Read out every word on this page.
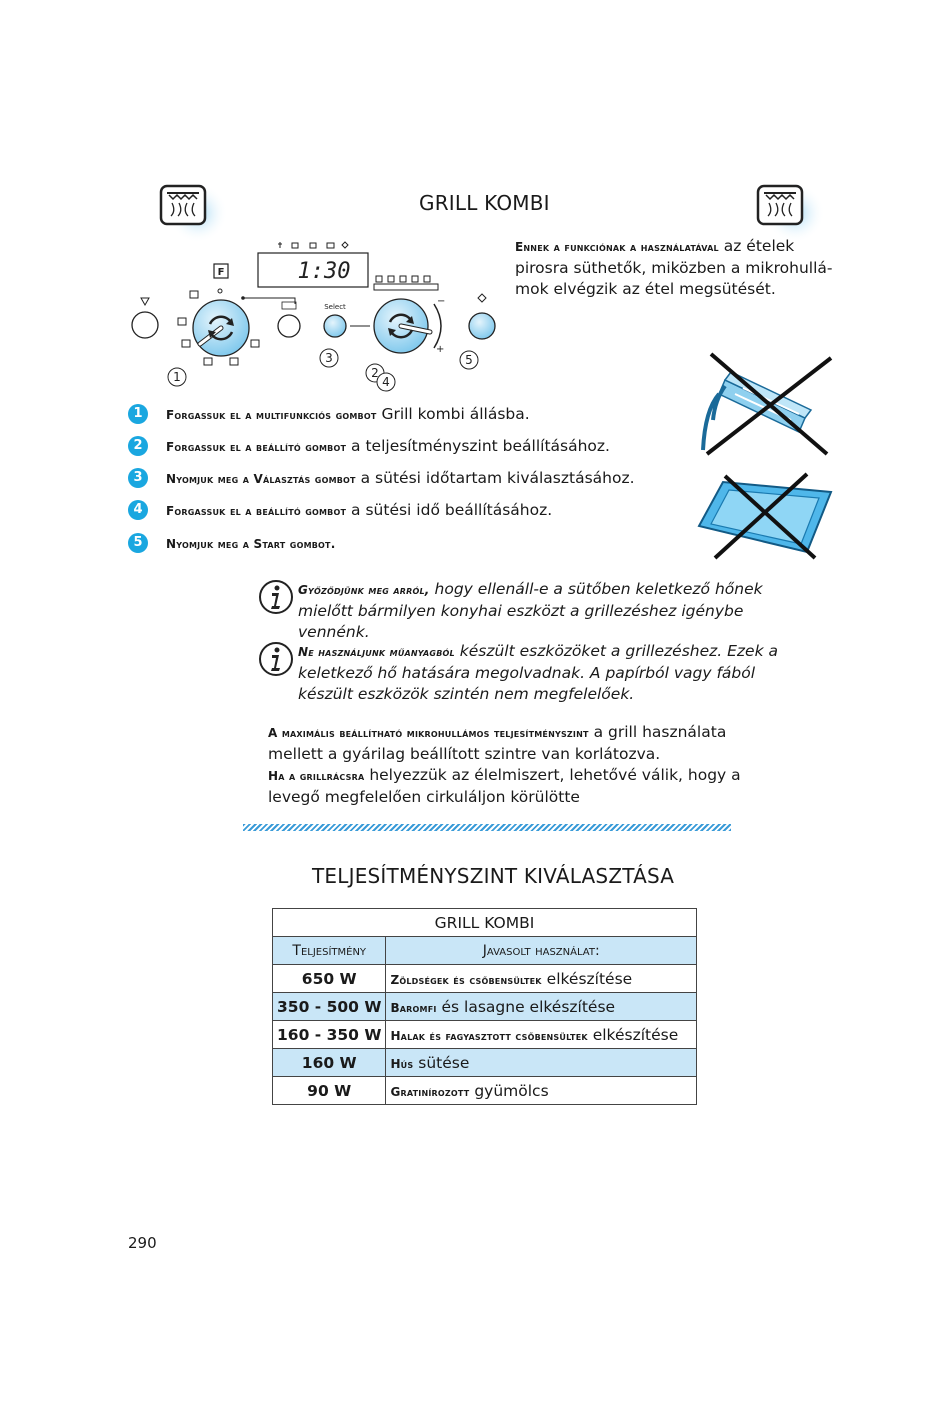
GRILL KOMBI
1:30
F
Select	−
+
1
3
2
4
5
Ennek a funkciónak a használatával az ételek pirosra süthetők, miközben a mikrohullá-mok elvégzik az étel megsütését.
1	Forgassuk el a multifunkciós gombot Grill kombi állásba.
2	Forgassuk el a beállító gombot a teljesítményszint beállításához.
3	Nyomjuk meg a Választás gombot a sütési időtartam kiválasztásához.
4	Forgassuk el a beállító gombot a sütési idő beállításához.
5	Nyomjuk meg a Start gombot.
Győződjünk meg arról, hogy ellenáll-e a sütőben keletkező hőnek mielőtt bármilyen konyhai eszközt a grillezéshez igénybe vennénk.
Ne használjunk műanyagból készült eszközöket a grillezéshez. Ezek a keletkező hő hatására megolvadnak. A papírból vagy fából készült eszközök szintén nem megfelelőek.
A maximális beállítható mikrohullámos teljesítményszint a grill használata mellett a gyárilag beállított szintre van korlátozva.
Ha a grillrácsra helyezzük az élelmiszert, lehetővé válik, hogy a levegő megfelelően cirkuláljon körülötte
TELJESÍTMÉNYSZINT KIVÁLASZTÁSA
GRILL KOMBI	
Teljesítmény	Javasolt használat:
650 W	Zöldségek és csőbensültek elkészítése
350 - 500 W	Baromfi és lasagne elkészítése
160 - 350 W	Halak és fagyasztott csőbensültek elkészítése
160 W	Hús sütése
90 W	Gratinírozott gyümölcs
290
